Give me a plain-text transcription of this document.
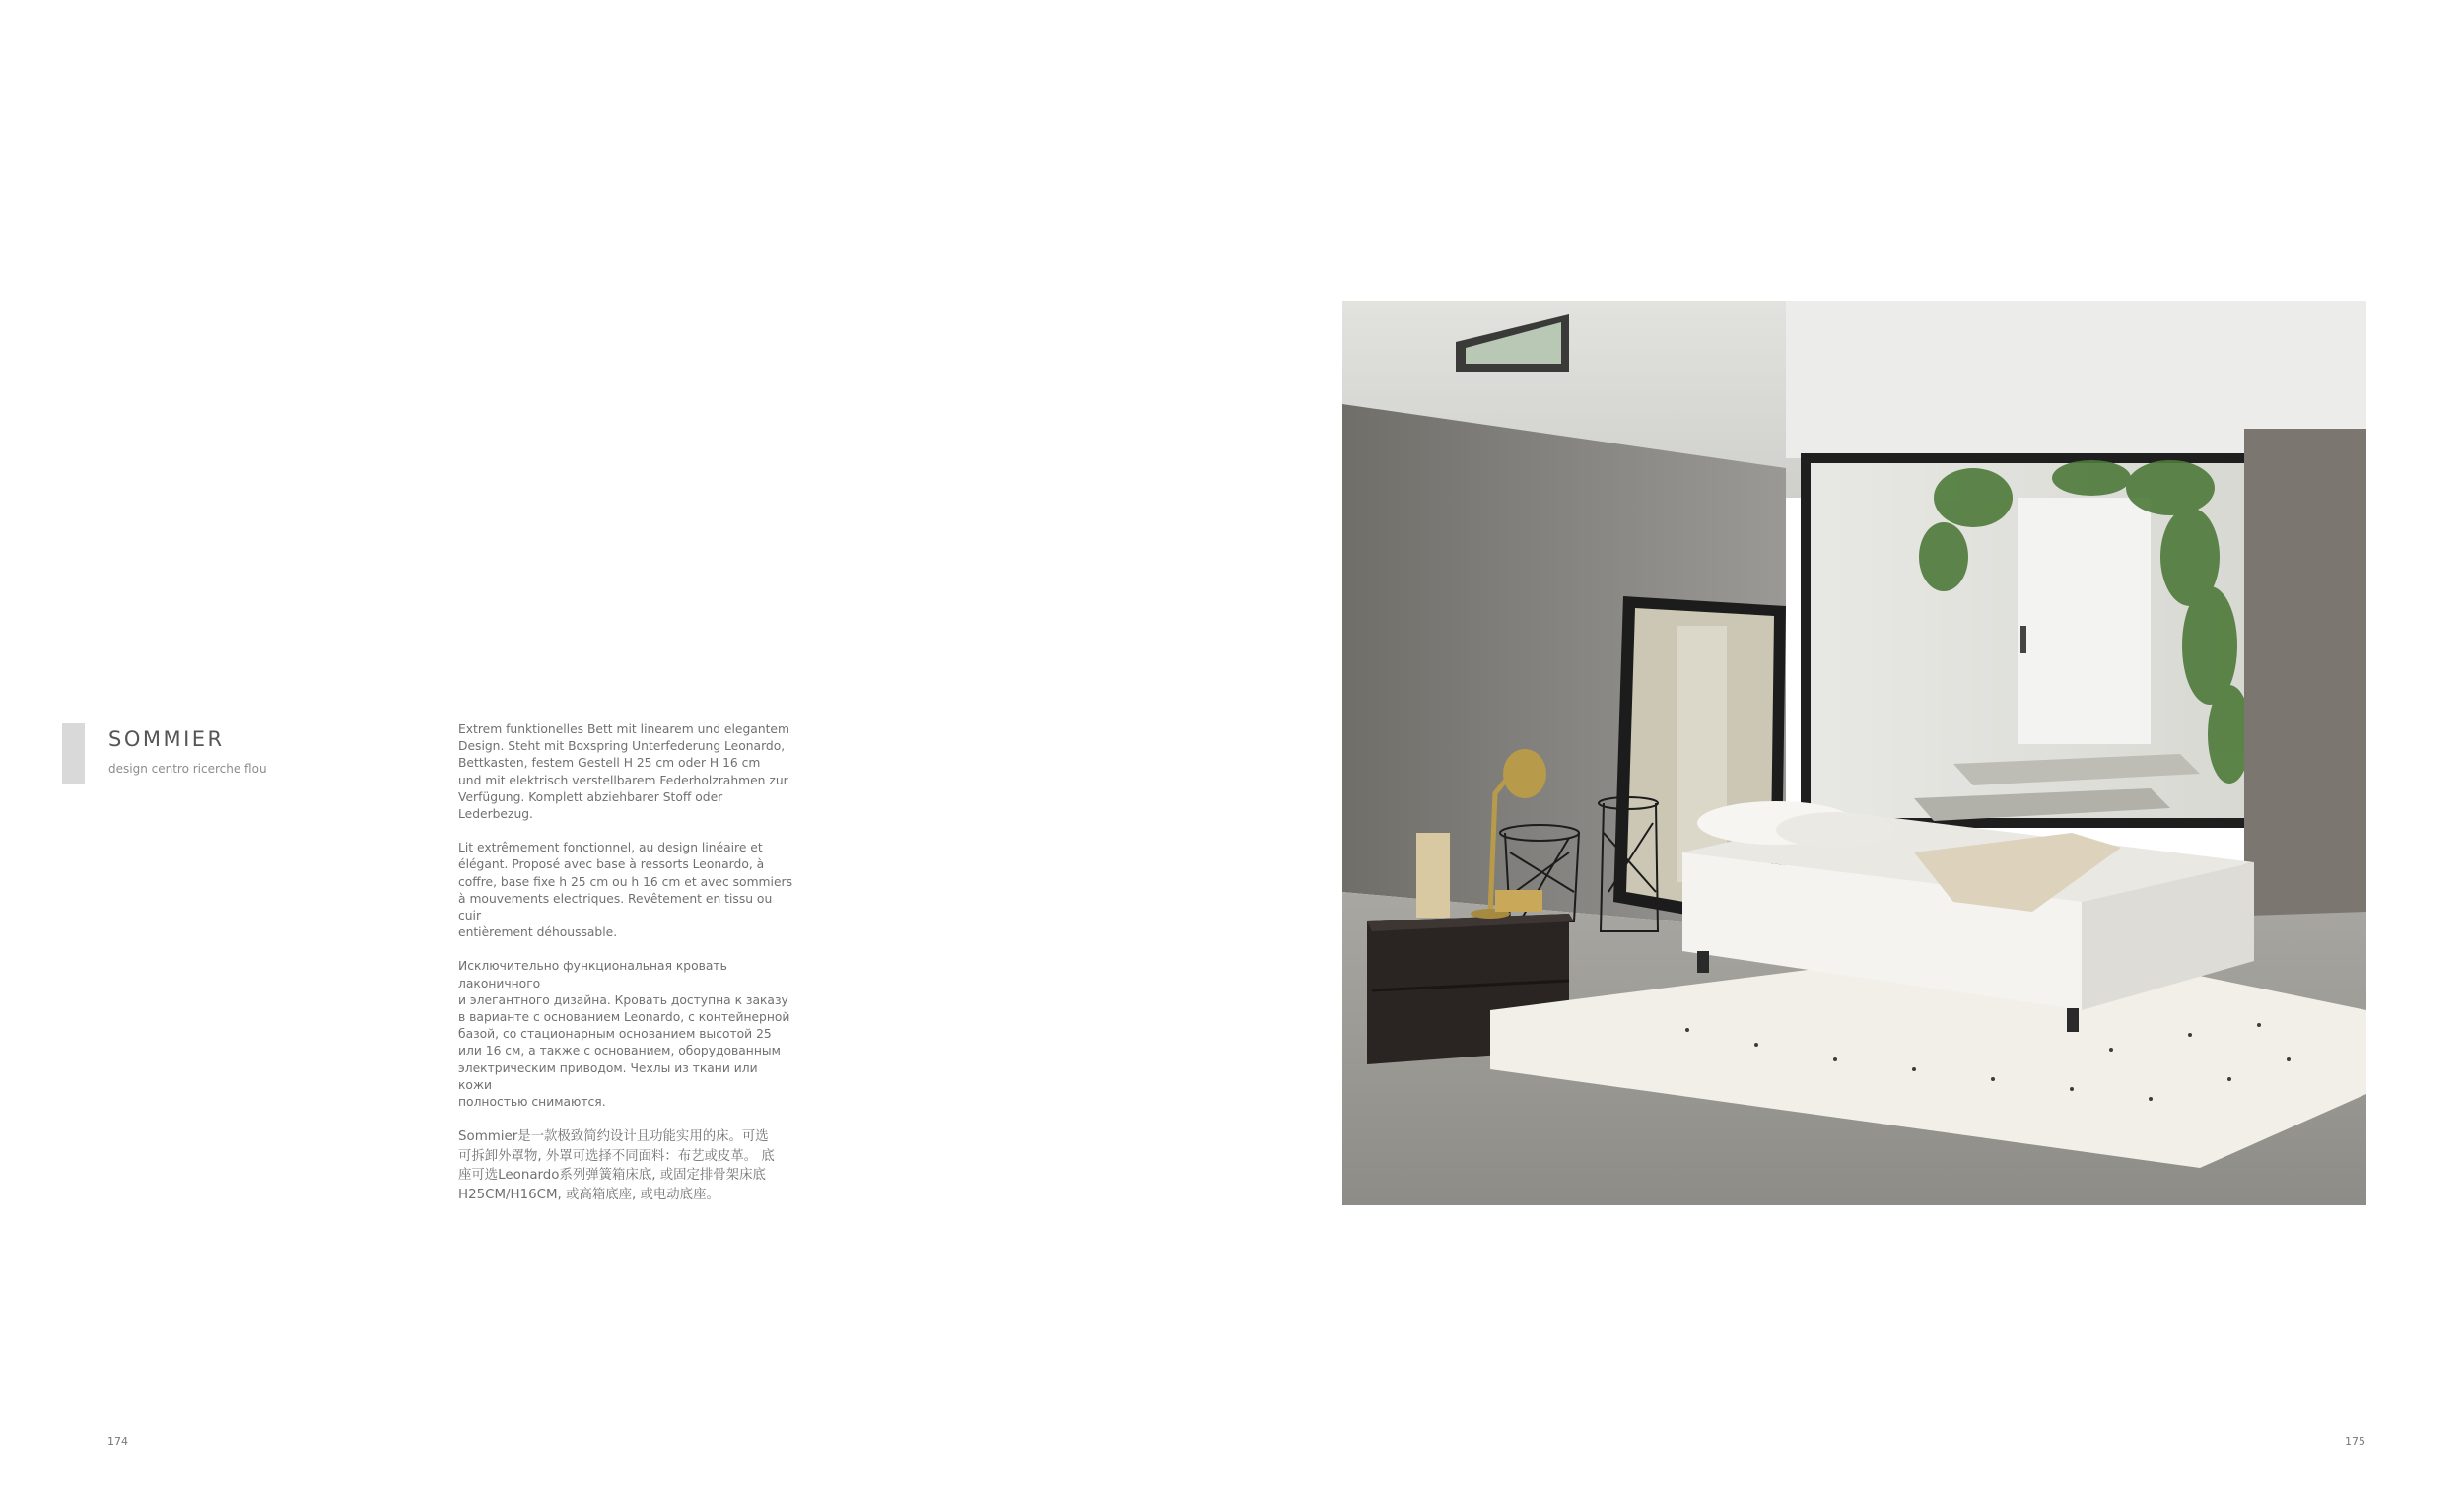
SOMMIER
design centro ricerche flou

Extrem funktionelles Bett mit linearem und elegantem
Design. Steht mit Boxspring Unterfederung Leonardo,
Bettkasten, festem Gestell H 25 cm oder H 16 cm
und mit elektrisch verstellbarem Federholzrahmen zur
Verfügung. Komplett abziehbarer Stoff oder
Lederbezug.

Lit extrêmement fonctionnel, au design linéaire et
élégant. Proposé avec base à ressorts Leonardo, à
coffre, base fixe h 25 cm ou h 16 cm et avec sommiers
à mouvements electriques. Revêtement en tissu ou cuir
entièrement déhoussable.

Исключительно функциональная кровать лаконичного
и элегантного дизайна. Кровать доступна к заказу
в варианте с основанием Leonardo, с контейнерной
базой, со стационарным основанием высотой 25
или 16 см, а также с основанием, оборудованным
электрическим приводом. Чехлы из ткани или кожи
полностью снимаются.

Sommier是一款极致简约设计且功能实用的床。可选
可拆卸外罩物, 外罩可选择不同面料：布艺或皮革。 底
座可选Leonardo系列弹簧箱床底, 或固定排骨架床底
H25CM/H16CM, 或高箱底座, 或电动底座。

174	175
